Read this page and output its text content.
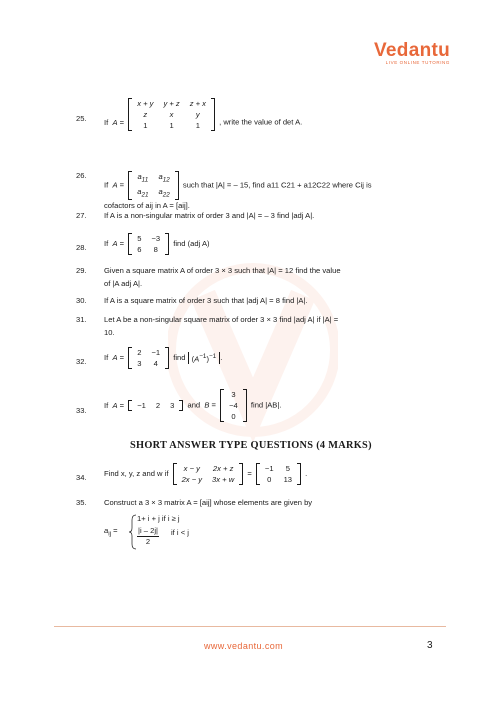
Vedantu
LIVE ONLINE TUTORING
25. If  A =
x + y	y + z	z + x
z	x	y
1	1	1	, write the value of det A.
26.
If  A =
$a_{11}$	$a_{12}$
$a_{21}$	$a_{22}$
such that |A| = – 15, find a11 C21 + a12C22 where Cij is
cofactors of aij in A = [aij].
27. If A is a non-singular matrix of order 3 and |A| = – 3 find |adj A|.
28. If  A =
5	−3
6	8
find (adj A)
29. Given a square matrix A of order 3 × 3 such that |A| = 12 find the value
of |A adj A|.
30. If A is a square matrix of order 3 such that |adj A| = 8 find |A|.
31. Let A be a non-singular square matrix of order 3 × 3 find |adj A| if |A| =
10.
32. If  A =
2	−1
3	4
find $(A^{-1})^{-1}$ .
33.
If  A = −1	2	3 and  B =
3
−4
0
find |AB|.
SHORT ANSWER TYPE QUESTIONS (4 MARKS)
34. Find x, y, z and w if
x − y	2x + z
2x − y	3x + w
=
−1	5
0	13
.
35. Construct a 3 × 3 matrix A = [aij] whose elements are given by
$a_{ij}$ =
1+ i + j if i ≥ j
$\frac{|i - 2j|}{2}$ if i < j
www.vedantu.com	3
